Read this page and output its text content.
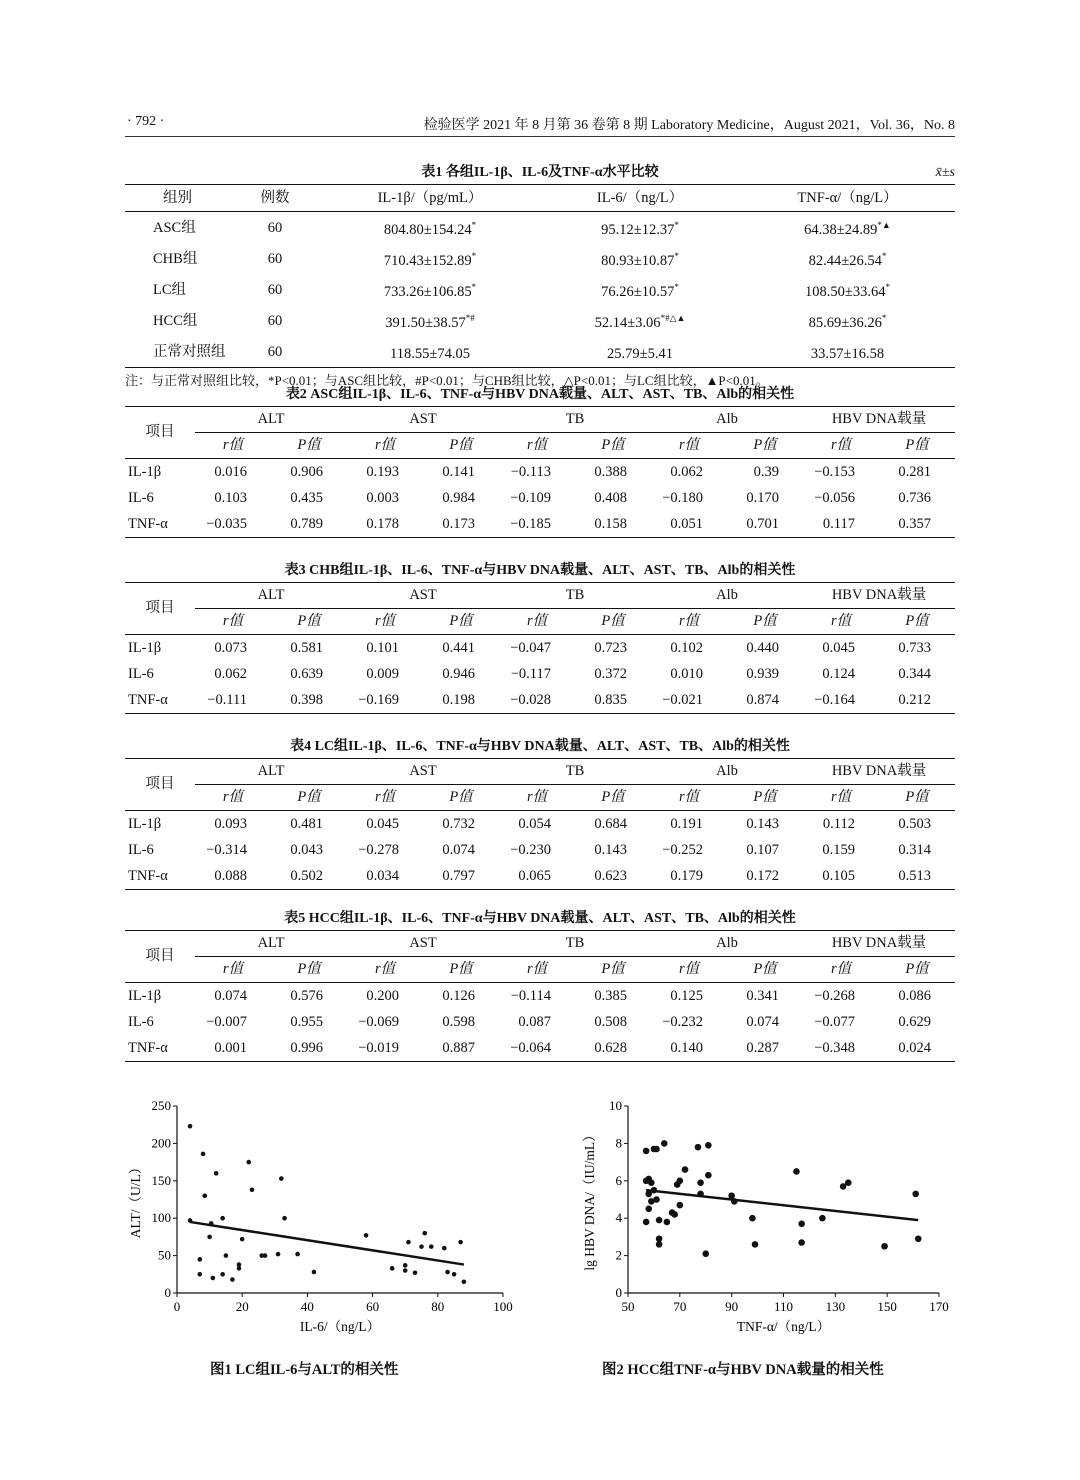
· 792 ·	检验医学 2021 年 8 月第 36 卷第 8 期 Laboratory Medicine，August 2021，Vol. 36，No. 8
表1 各组IL-1β、IL-6及TNF-α水平比较	x̄±s
组别	例数	IL-1β/（pg/mL）	IL-6/（ng/L）	TNF-α/（ng/L）
ASC组	60	804.80±154.24*	95.12±12.37*	64.38±24.89*▲
CHB组	60	710.43±152.89*	80.93±10.87*	82.44±26.54*
LC组	60	733.26±106.85*	76.26±10.57*	108.50±33.64*
HCC组	60	391.50±38.57*#	52.14±3.06*#△▲	85.69±36.26*
正常对照组	60	118.55±74.05	25.79±5.41	33.57±16.58
注：与正常对照组比较，*P<0.01；与ASC组比较，#P<0.01；与CHB组比较，△P<0.01；与LC组比较，▲P<0.01。
表2 ASC组IL-1β、IL-6、TNF-α与HBV DNA载量、ALT、AST、TB、Alb的相关性
项目	ALT		AST		TB		Alb		HBV DNA载量	
	r值	P值	r值	P值	r值	P值	r值	P值	r值	P值
IL-1β	0.016	0.906	0.193	0.141	−0.113	0.388	0.062	0.39	−0.153	0.281
IL-6	0.103	0.435	0.003	0.984	−0.109	0.408	−0.180	0.170	−0.056	0.736
TNF-α	−0.035	0.789	0.178	0.173	−0.185	0.158	0.051	0.701	0.117	0.357
表3 CHB组IL-1β、IL-6、TNF-α与HBV DNA载量、ALT、AST、TB、Alb的相关性
项目	ALT		AST		TB		Alb		HBV DNA载量	
	r值	P值	r值	P值	r值	P值	r值	P值	r值	P值
IL-1β	0.073	0.581	0.101	0.441	−0.047	0.723	0.102	0.440	0.045	0.733
IL-6	0.062	0.639	0.009	0.946	−0.117	0.372	0.010	0.939	0.124	0.344
TNF-α	−0.111	0.398	−0.169	0.198	−0.028	0.835	−0.021	0.874	−0.164	0.212
表4 LC组IL-1β、IL-6、TNF-α与HBV DNA载量、ALT、AST、TB、Alb的相关性
项目	ALT		AST		TB		Alb		HBV DNA载量	
	r值	P值	r值	P值	r值	P值	r值	P值	r值	P值
IL-1β	0.093	0.481	0.045	0.732	0.054	0.684	0.191	0.143	0.112	0.503
IL-6	−0.314	0.043	−0.278	0.074	−0.230	0.143	−0.252	0.107	0.159	0.314
TNF-α	0.088	0.502	0.034	0.797	0.065	0.623	0.179	0.172	0.105	0.513
表5 HCC组IL-1β、IL-6、TNF-α与HBV DNA载量、ALT、AST、TB、Alb的相关性
项目	ALT		AST		TB		Alb		HBV DNA载量	
	r值	P值	r值	P值	r值	P值	r值	P值	r值	P值
IL-1β	0.074	0.576	0.200	0.126	−0.114	0.385	0.125	0.341	−0.268	0.086
IL-6	−0.007	0.955	−0.069	0.598	0.087	0.508	−0.232	0.074	−0.077	0.629
TNF-α	0.001	0.996	−0.019	0.887	−0.064	0.628	0.140	0.287	−0.348	0.024
0	20	40	60	80	100
0
50
100
150
200
250
IL-6/（ng/L）
ALT/（U/L）
图1 LC组IL-6与ALT的相关性
50	70	90	110	130 150 170
0
2
4
6
8
10
TNF-α/（ng/L）
lg HBV DNA/（IU/mL）
图2 HCC组TNF-α与HBV DNA载量的相关性
